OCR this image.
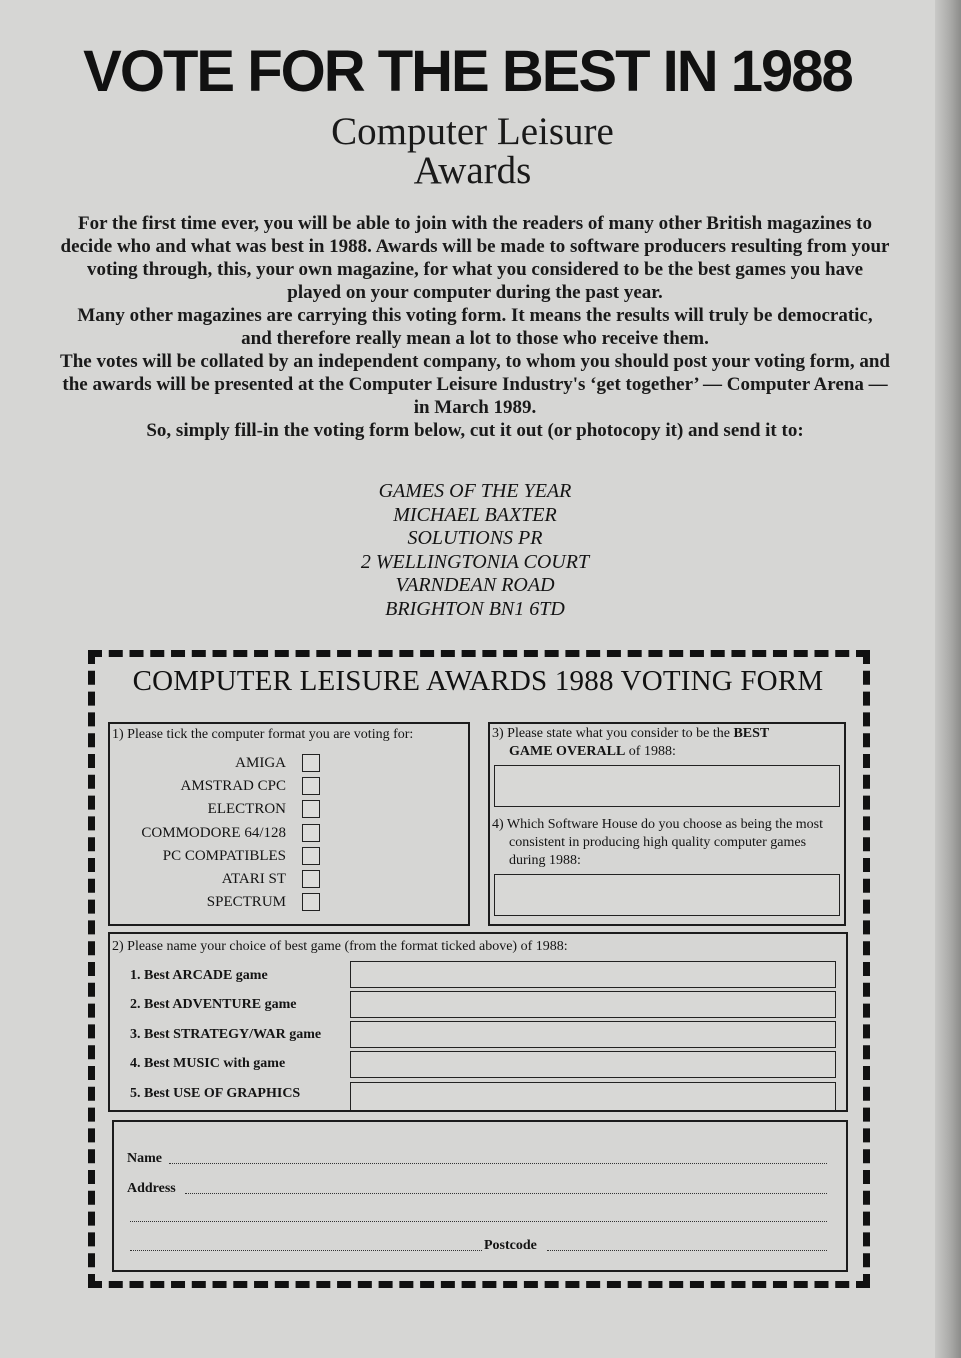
VOTE FOR THE BEST IN 1988
Computer Leisure
Awards

For the first time ever, you will be able to join with the readers of many other British magazines to decide who and what was best in 1988. Awards will be made to software producers resulting from your voting through, this, your own magazine, for what you considered to be the best games you have played on your computer during the past year.

Many other magazines are carrying this voting form. It means the results will truly be democratic, and therefore really mean a lot to those who receive them.

The votes will be collated by an independent company, to whom you should post your voting form, and the awards will be presented at the Computer Leisure Industry's ‘get together’ — Computer Arena — in March 1989.

So, simply fill-in the voting form below, cut it out (or photocopy it) and send it to:

GAMES OF THE YEAR
MICHAEL BAXTER
SOLUTIONS PR
2 WELLINGTONIA COURT
VARNDEAN ROAD
BRIGHTON BN1 6TD
COMPUTER LEISURE AWARDS 1988 VOTING FORM
1) Please tick the computer format you are voting for:
AMIGA
AMSTRAD CPC
ELECTRON
COMMODORE 64/128
PC COMPATIBLES
ATARI ST
SPECTRUM
3) Please state what you consider to be the BEST
GAME OVERALL of 1988:
4) Which Software House do you choose as being the most consistent in producing high quality computer games during 1988:
2) Please name your choice of best game (from the format ticked above) of 1988:
1. Best ARCADE game
2. Best ADVENTURE game
3. Best STRATEGY/WAR game
4. Best MUSIC with game
5. Best USE OF GRAPHICS
Name
Address
Postcode
